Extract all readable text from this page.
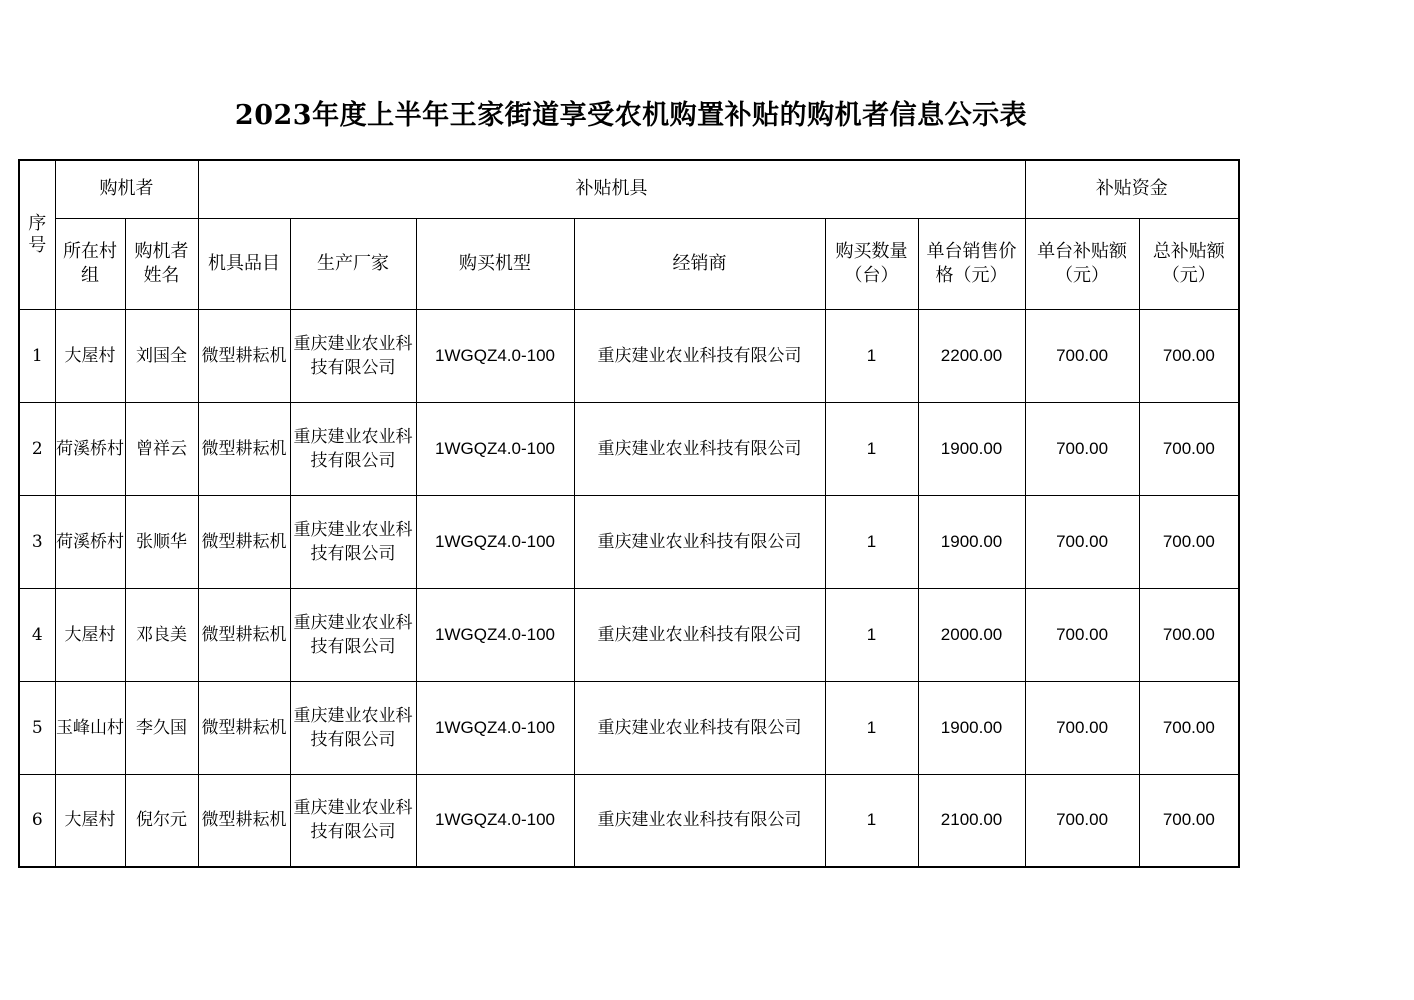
2023年度上半年王家街道享受农机购置补贴的购机者信息公示表
序号	购机者		补贴机具						补贴资金	

	所在村组	购机者姓名	机具品目	生产厂家	购买机型	经销商	购买数量（台）	单台销售价格（元）	单台补贴额（元）	总补贴额（元）

1	大屋村	刘国全	微型耕耘机	重庆建业农业科技有限公司	1WGQZ4.0-100	重庆建业农业科技有限公司	1	2200.00	700.00	700.00
2	荷溪桥村	曾祥云	微型耕耘机	重庆建业农业科技有限公司	1WGQZ4.0-100	重庆建业农业科技有限公司	1	1900.00	700.00	700.00
3	荷溪桥村	张顺华	微型耕耘机	重庆建业农业科技有限公司	1WGQZ4.0-100	重庆建业农业科技有限公司	1	1900.00	700.00	700.00
4	大屋村	邓良美	微型耕耘机	重庆建业农业科技有限公司	1WGQZ4.0-100	重庆建业农业科技有限公司	1	2000.00	700.00	700.00
5	玉峰山村	李久国	微型耕耘机	重庆建业农业科技有限公司	1WGQZ4.0-100	重庆建业农业科技有限公司	1	1900.00	700.00	700.00
6	大屋村	倪尔元	微型耕耘机	重庆建业农业科技有限公司	1WGQZ4.0-100	重庆建业农业科技有限公司	1	2100.00	700.00	700.00
